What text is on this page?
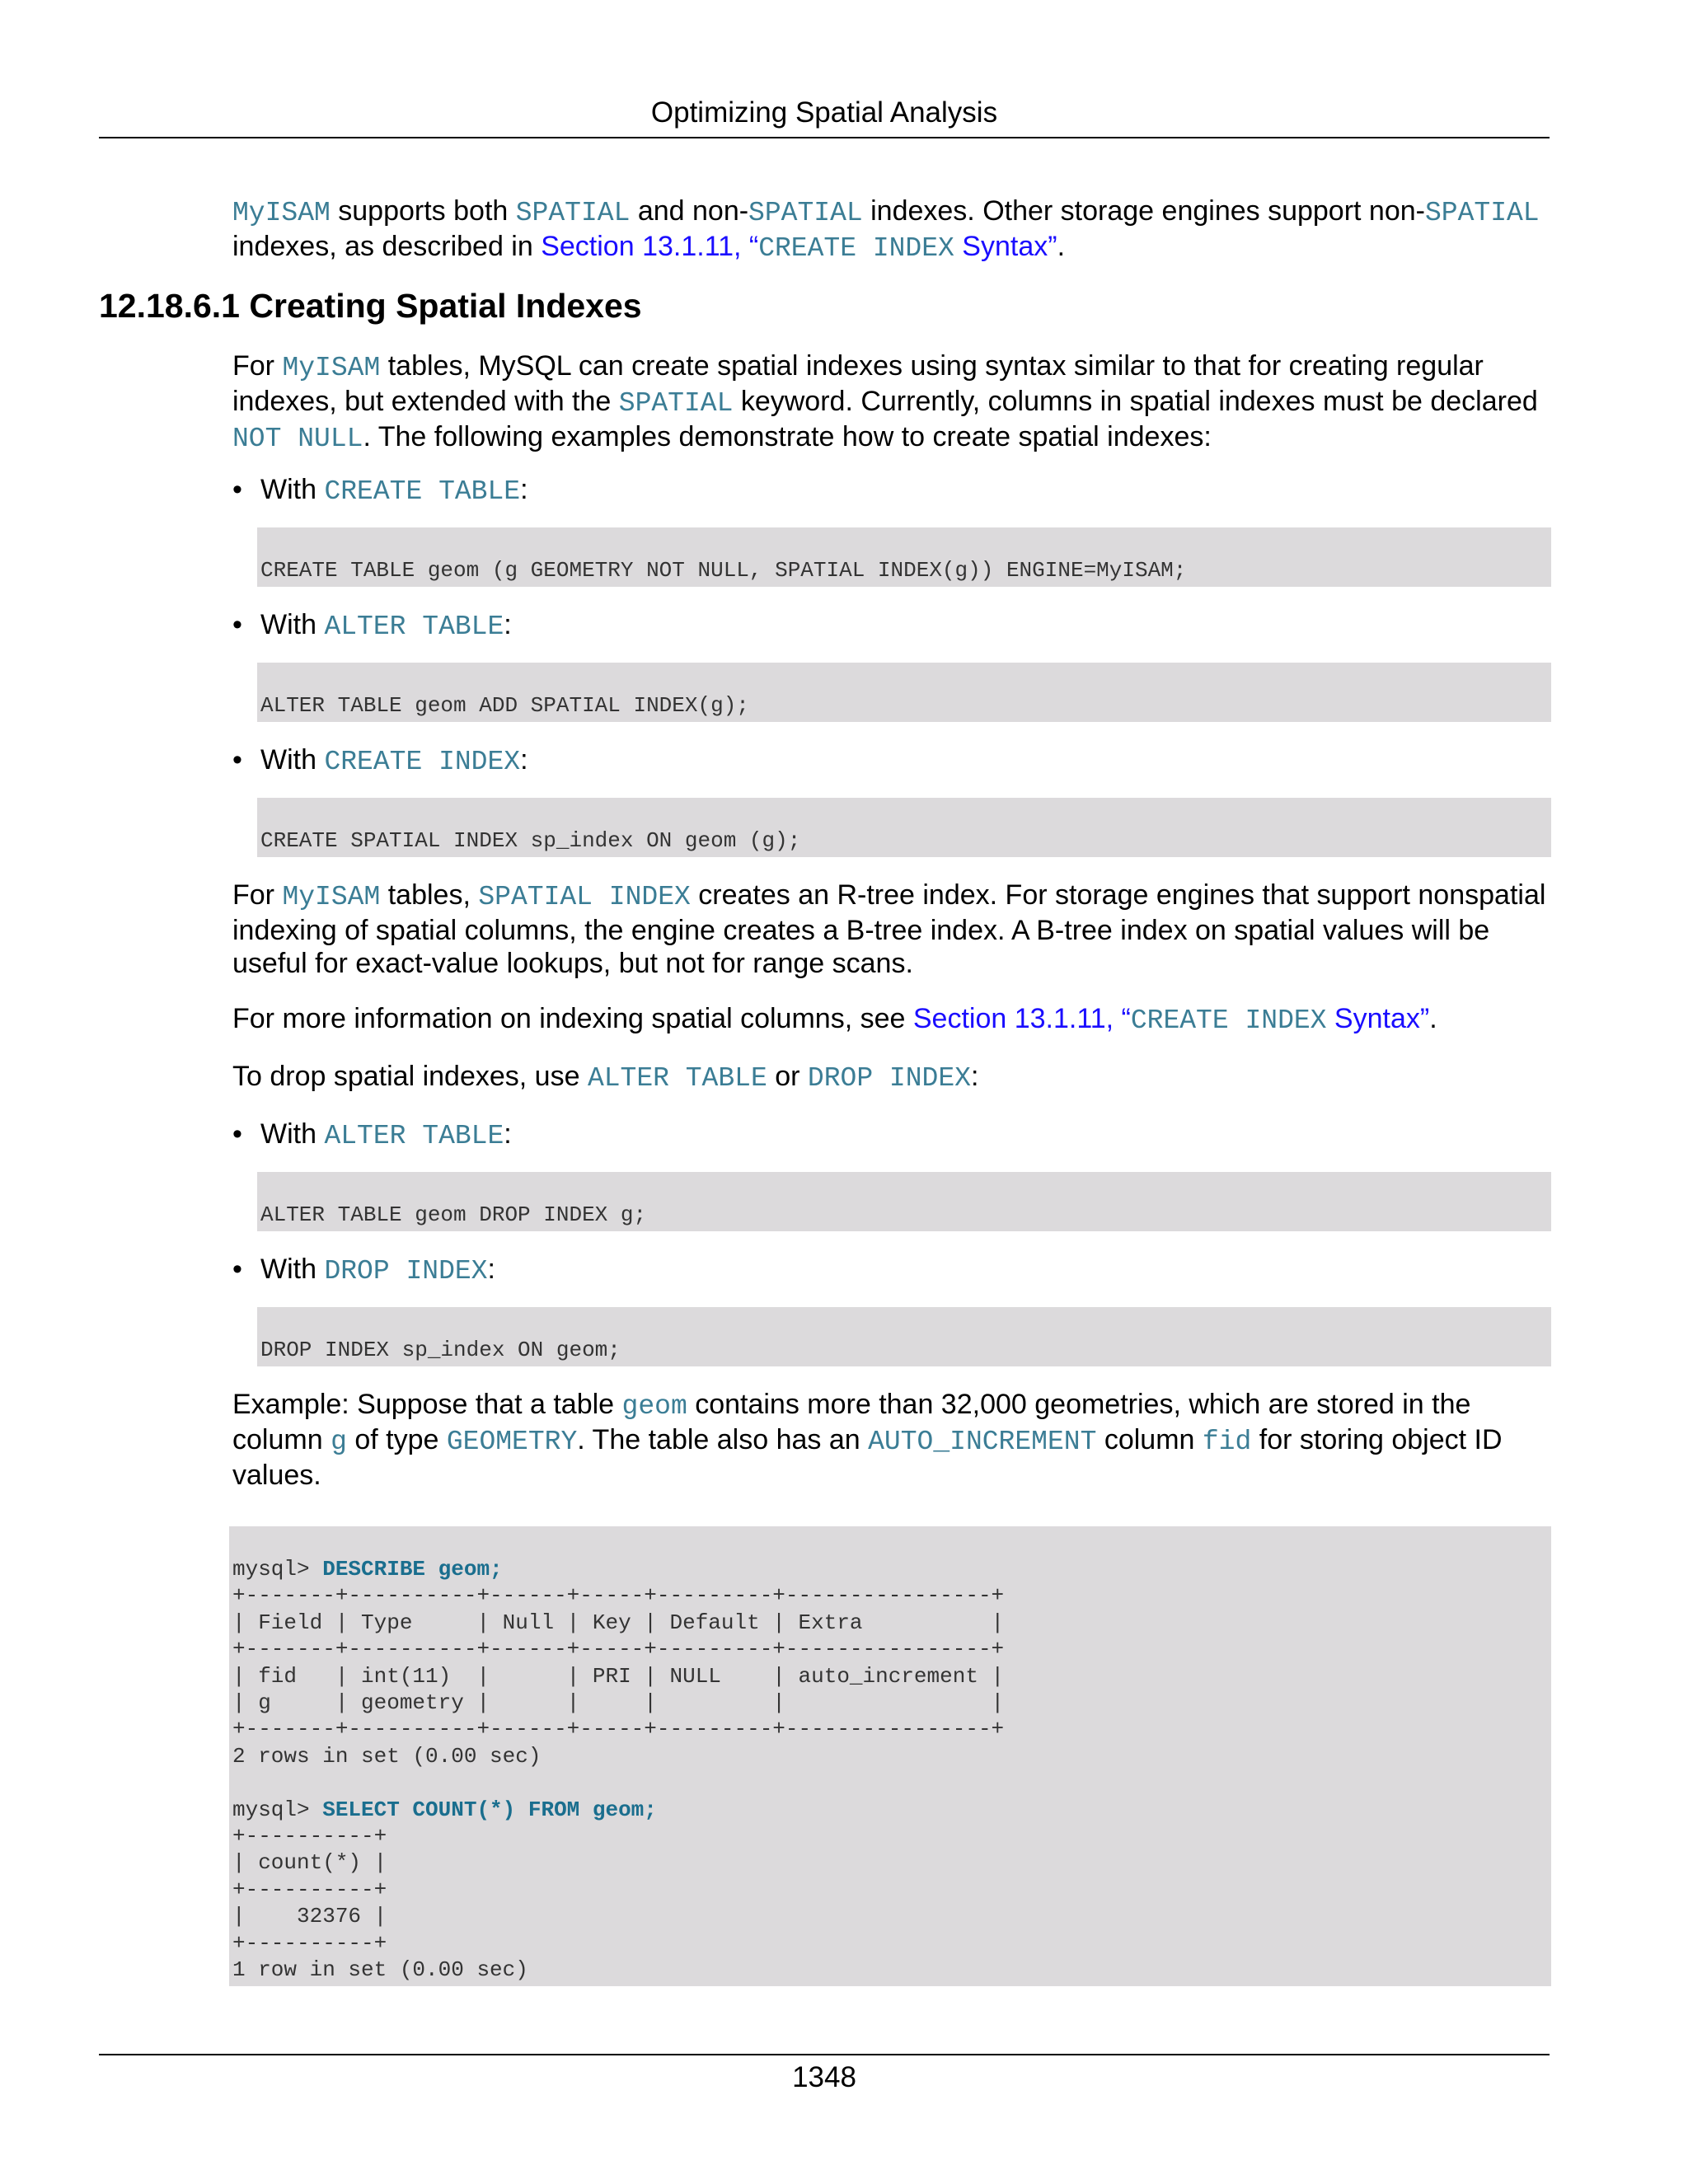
Optimizing Spatial Analysis

MyISAM supports both SPATIAL and non-SPATIAL indexes. Other storage engines support non-SPATIAL indexes, as described in Section 13.1.11, “CREATE INDEX Syntax”.

12.18.6.1 Creating Spatial Indexes

For MyISAM tables, MySQL can create spatial indexes using syntax similar to that for creating regular indexes, but extended with the SPATIAL keyword. Currently, columns in spatial indexes must be declared NOT NULL. The following examples demonstrate how to create spatial indexes:

• With CREATE TABLE:
CREATE TABLE geom (g GEOMETRY NOT NULL, SPATIAL INDEX(g)) ENGINE=MyISAM;
• With ALTER TABLE:
ALTER TABLE geom ADD SPATIAL INDEX(g);
• With CREATE INDEX:
CREATE SPATIAL INDEX sp_index ON geom (g);

For MyISAM tables, SPATIAL INDEX creates an R-tree index. For storage engines that support nonspatial indexing of spatial columns, the engine creates a B-tree index. A B-tree index on spatial values will be useful for exact-value lookups, but not for range scans.

For more information on indexing spatial columns, see Section 13.1.11, “CREATE INDEX Syntax”.

To drop spatial indexes, use ALTER TABLE or DROP INDEX:

• With ALTER TABLE:
ALTER TABLE geom DROP INDEX g;
• With DROP INDEX:
DROP INDEX sp_index ON geom;

Example: Suppose that a table geom contains more than 32,000 geometries, which are stored in the column g of type GEOMETRY. The table also has an AUTO_INCREMENT column fid for storing object ID values.

mysql> DESCRIBE geom;
+-------+----------+------+-----+---------+----------------+
| Field | Type     | Null | Key | Default | Extra          |
+-------+----------+------+-----+---------+----------------+
| fid   | int(11)  |      | PRI | NULL    | auto_increment |
| g     | geometry |      |     |         |                |
+-------+----------+------+-----+---------+----------------+
2 rows in set (0.00 sec)

mysql> SELECT COUNT(*) FROM geom;
+----------+
| count(*) |
+----------+
|    32376 |
+----------+
1 row in set (0.00 sec)
1348
